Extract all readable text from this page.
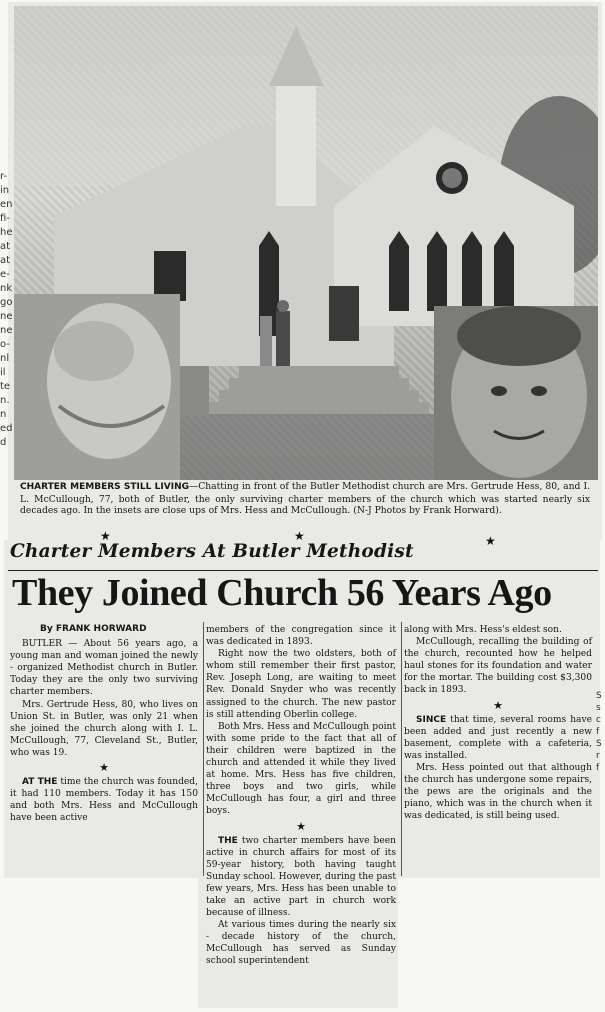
r-
in
en
fi-
he
at
at
e-
nk
go
ne
ne
o-
nl
il
te
n.
n
ed
d
CHARTER MEMBERS STILL LIVING—Chatting in front of the Butler Methodist church are Mrs. Gertrude Hess, 80, and I. L. McCullough, 77, both of Butler, the only surviving charter members of the church which was started nearly six decades ago. In the insets are close ups of Mrs. Hess and McCullough. (N-J Photos by Frank Horward).
★	★	★
Charter Members At Butler Methodist
They Joined Church 56 Years Ago

By FRANK HORWARD

BUTLER — About 56 years ago, a young man and woman joined the newly - organized Methodist church in Butler. Today they are the only two surviving charter members.

Mrs. Gertrude Hess, 80, who lives on Union St. in Butler, was only 21 when she joined the church along with I. L. McCullough, 77, Cleveland St., Butler, who was 19.

★

AT THE time the church was founded, it had 110 members. Today it has 150 and both Mrs. Hess and McCullough have been active

members of the congregation since it was dedicated in 1893.

Right now the two oldsters, both of whom still remember their first pastor, Rev. Joseph Long, are waiting to meet Rev. Donald Snyder who was recently assigned to the church. The new pastor is still attending Oberlin college.

Both Mrs. Hess and McCullough point with some pride to the fact that all of their children were baptized in the church and attended it while they lived at home. Mrs. Hess has five children, three boys and two girls, while McCullough has four, a girl and three boys.

★

THE two charter members have been active in church affairs for most of its 59-year history, both having taught Sunday school. However, during the past few years, Mrs. Hess has been unable to take an active part in church work because of illness.

At various times during the nearly six - decade history of the church, McCullough has served as Sunday school superintendent

along with Mrs. Hess's eldest son.

McCullough, recalling the building of the church, recounted how he helped haul stones for its foundation and water for the mortar. The building cost $3,300 back in 1893.

★

SINCE that time, several rooms have been added and just recently a new basement, complete with a cafeteria, was installed.

Mrs. Hess pointed out that although the church has undergone some repairs, the pews are the originals and the piano, which was in the church when it was dedicated, is still being used.

S
s
c
f
S
r
f
